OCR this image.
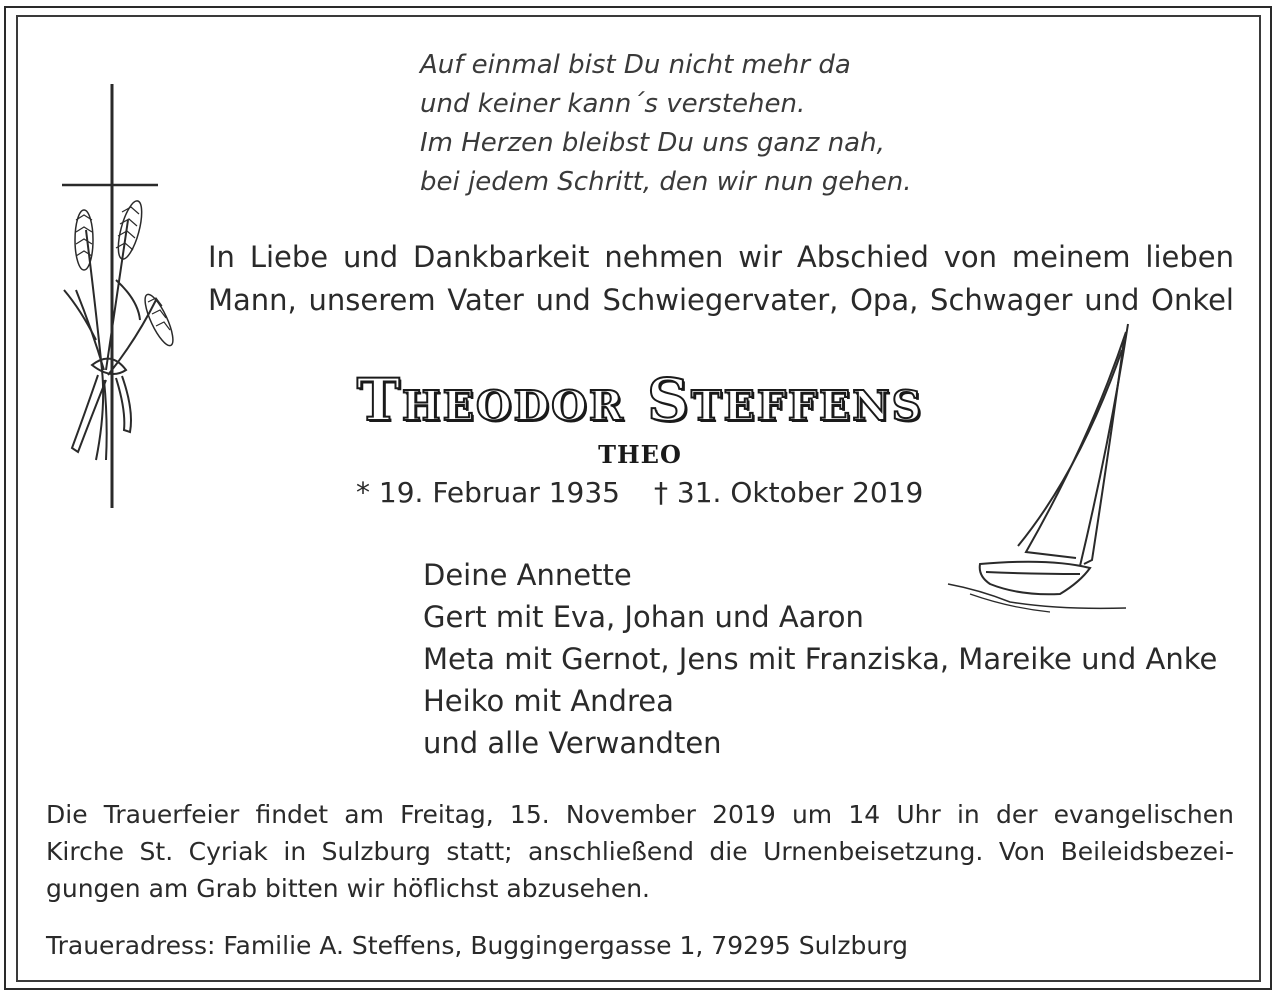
Auf einmal bist Du nicht mehr da
und keiner kann´s verstehen.
Im Herzen bleibst Du uns ganz nah,
bei jedem Schritt, den wir nun gehen.
In Liebe und Dankbarkeit nehmen wir Abschied von meinem lieben
Mann, unserem Vater und Schwiegervater, Opa, Schwager und Onkel
Theodor Steffens
THEO
* 19. Februar 1935 † 31. Oktober 2019
Deine Annette
Gert mit Eva, Johan und Aaron
Meta mit Gernot, Jens mit Franziska, Mareike und Anke
Heiko mit Andrea
und alle Verwandten
Die Trauerfeier findet am Freitag, 15. November 2019 um 14 Uhr in der evangelischen
Kirche St. Cyriak in Sulzburg statt; anschließend die Urnenbeisetzung. Von Beileidsbezei-
gungen am Grab bitten wir höflichst abzusehen.
Traueradress: Familie A. Steffens, Buggingergasse 1, 79295 Sulzburg
